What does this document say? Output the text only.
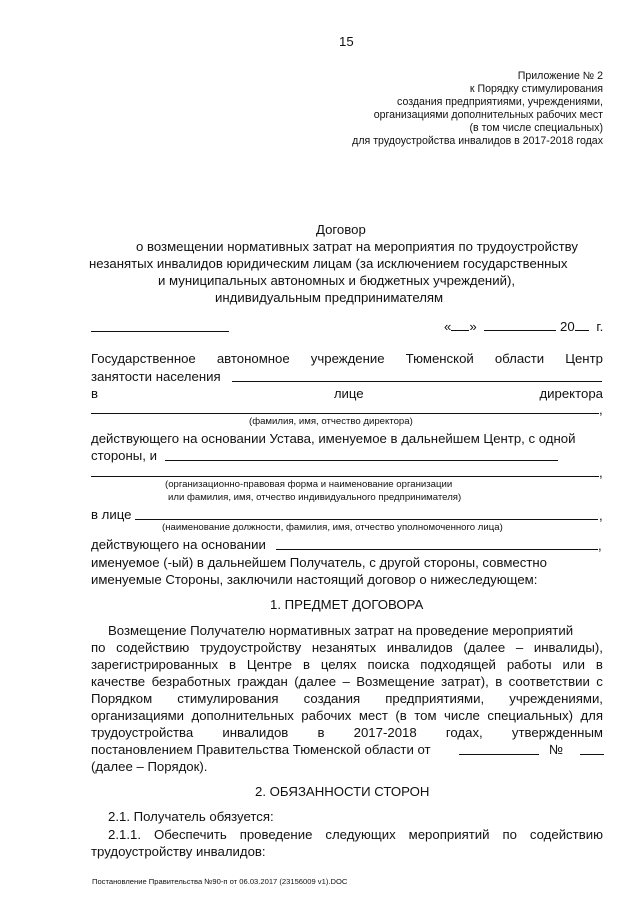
15
Приложение № 2
к Порядку стимулирования
создания предприятиями, учреждениями,
организациями дополнительных рабочих мест
(в том числе специальных)
для трудоустройства инвалидов в 2017-2018 годах
Договор
о возмещении нормативных затрат на мероприятия по трудоустройству
незанятых инвалидов юридическим лицам (за исключением государственных
и муниципальных автономных и бюджетных учреждений),
индивидуальным предпринимателям
« »	20 г.
Государственное автономное учреждение Тюменской области Центр
занятости населения
в	лице	директора
,
(фамилия, имя, отчество директора)
действующего на основании Устава, именуемое в дальнейшем Центр, с одной
стороны, и
,
(организационно-правовая форма и наименование организации
или фамилия, имя, отчество индивидуального предпринимателя)
в лице	,
(наименование должности, фамилия, имя, отчество уполномоченного лица)
действующего на основании	,
именуемое (-ый) в дальнейшем Получатель, с другой стороны, совместно
именуемые Стороны, заключили настоящий договор о нижеследующем:
1. ПРЕДМЕТ ДОГОВОРА
Возмещение Получателю нормативных затрат на проведение мероприятий
по содействию трудоустройству незанятых инвалидов (далее – инвалиды),
зарегистрированных в Центре в целях поиска подходящей работы или в
качестве безработных граждан (далее – Возмещение затрат), в соответствии с
Порядком стимулирования создания предприятиями, учреждениями,
организациями дополнительных рабочих мест (в том числе специальных) для
трудоустройства инвалидов в 2017-2018 годах, утвержденным
постановлением Правительства Тюменской области от	№
(далее – Порядок).
2. ОБЯЗАННОСТИ СТОРОН
2.1. Получатель обязуется:
2.1.1. Обеспечить проведение следующих мероприятий по содействию
трудоустройству инвалидов:
Постановление Правительства №90-п от 06.03.2017 (23156009 v1).DOC
